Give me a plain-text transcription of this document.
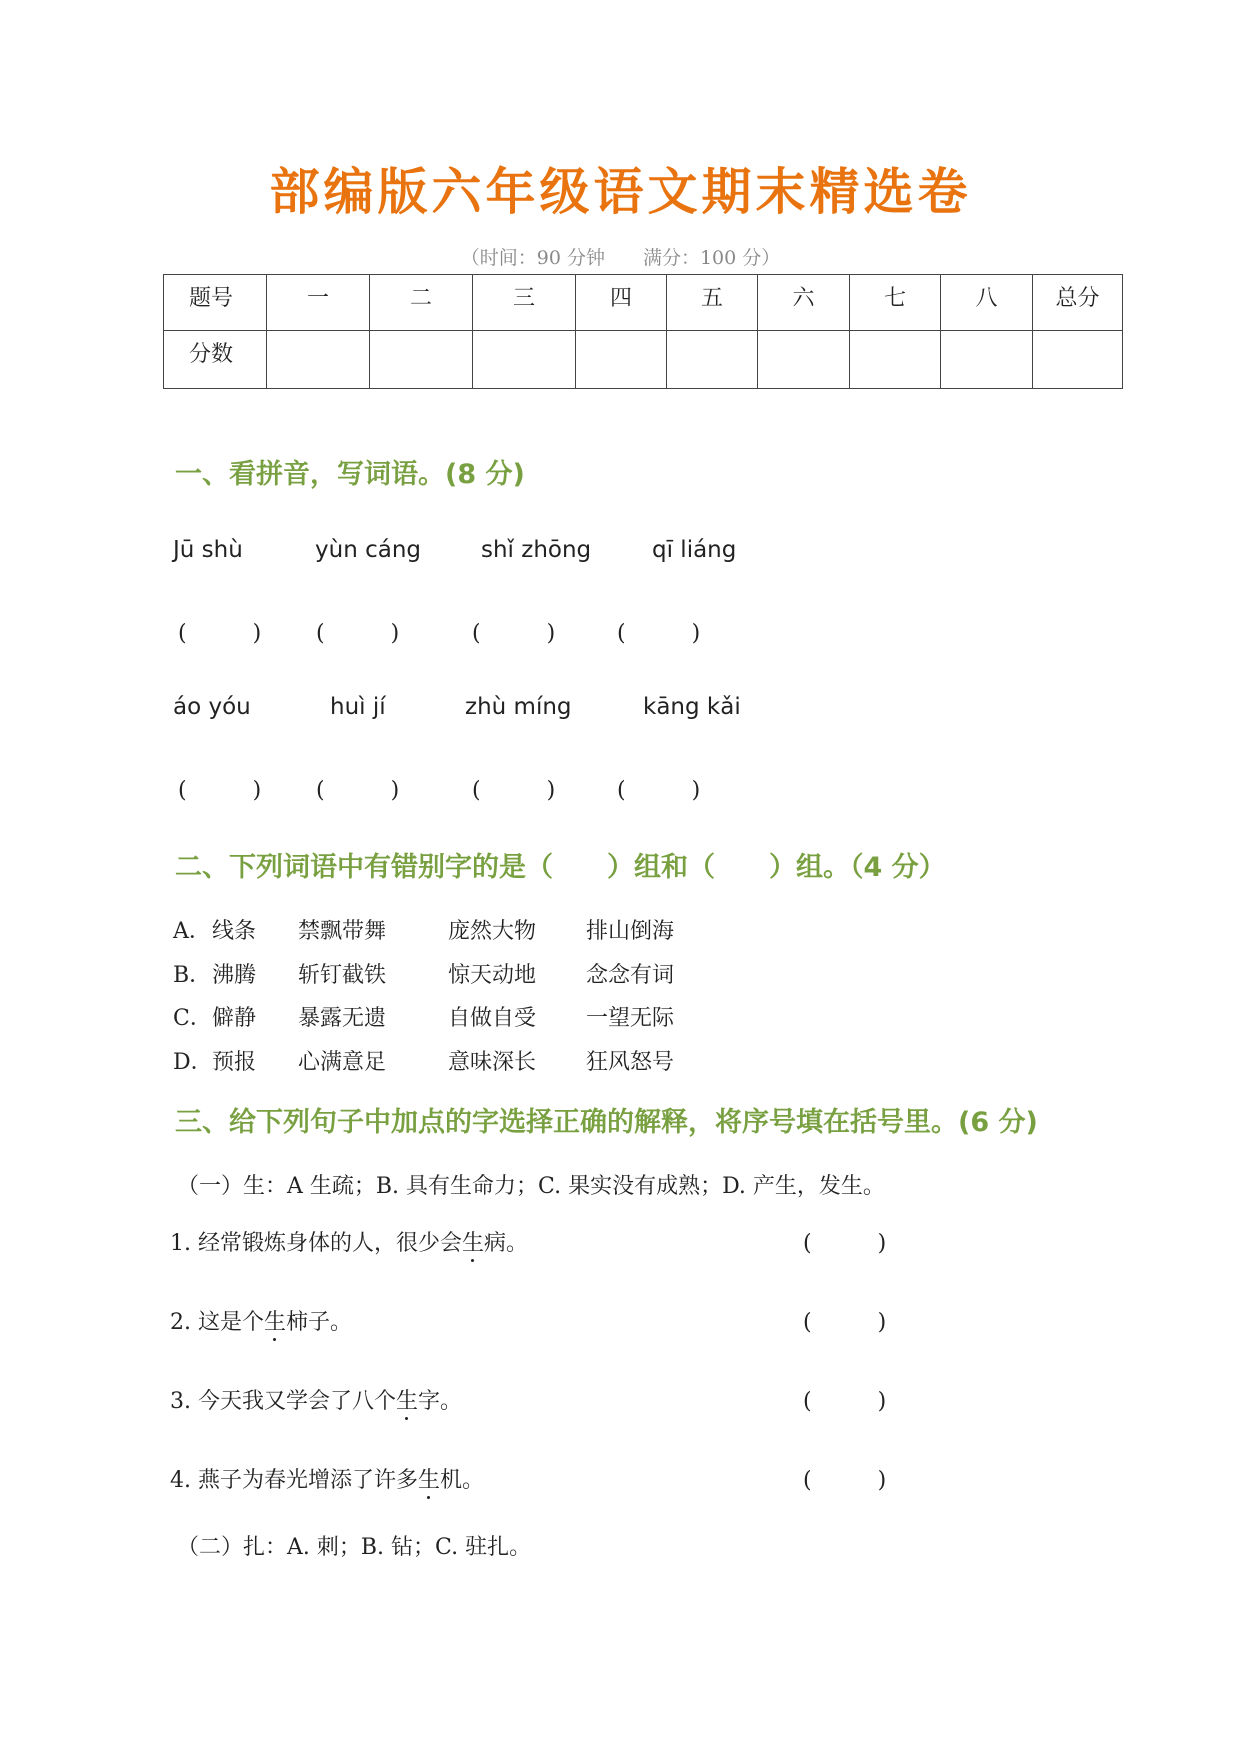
部编版六年级语文期末精选卷
（时间：90 分钟　　满分：100 分）
题号	一	二	三	四	五	六	七	八	总分
分数									
一、看拼音，写词语。(8 分)
Jū shù	yùn cáng	shǐ zhōng	qī liáng
(　　　) (　　　)	(　　　)	(　　　)
áo yóu	huì jí	zhù míng	kāng kǎi
(　　　) (　　　)	(　　　)	(　　　)
二、下列词语中有错别字的是（　　）组和（　　）组。（4 分）
A． 线条 禁飘带舞	庞然大物 排山倒海
B． 沸腾 斩钉截铁	惊天动地 念念有词
C． 僻静 暴露无遗	自做自受 一望无际
D． 预报 心满意足	意味深长 狂风怒号
三、给下列句子中加点的字选择正确的解释，将序号填在括号里。(6 分)
（一）生：A 生疏；B. 具有生命力；C. 果实没有成熟；D. 产生，发生。
1. 经常锻炼身体的人，很少会生病。	(　　　)
2. 这是个生柿子。	(　　　)
3. 今天我又学会了八个生字。	(　　　)
4. 燕子为春光增添了许多生机。	(　　　)
（二）扎：A. 刺；B. 钻；C. 驻扎。
